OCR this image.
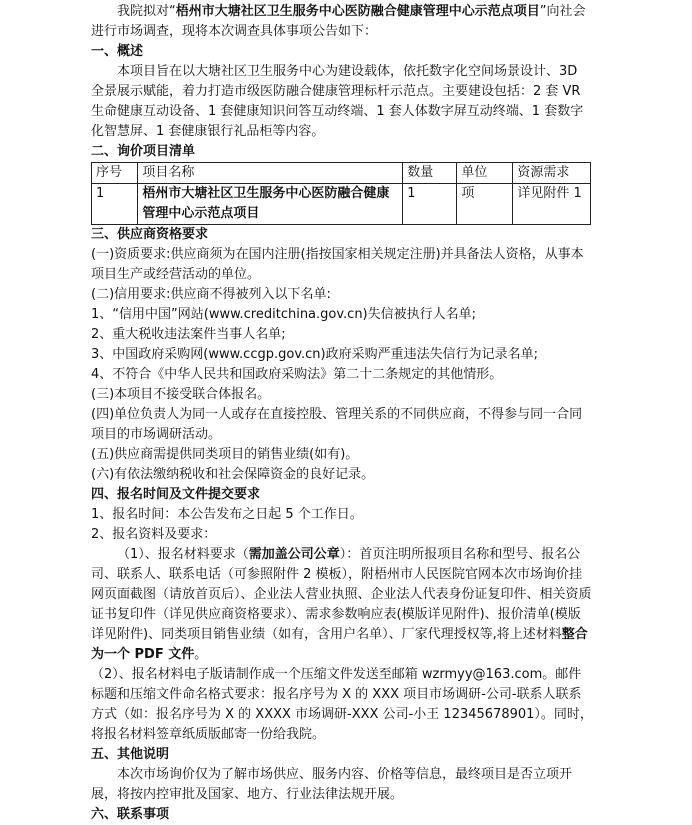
我院拟对“梧州市大塘社区卫生服务中心医防融合健康管理中心示范点项目”向社会进行市场调查，现将本次调查具体事项公告如下：

一、概述

本项目旨在以大塘社区卫生服务中心为建设载体，依托数字化空间场景设计、3D 全景展示赋能，着力打造市级医防融合健康管理标杆示范点。主要建设包括：2 套 VR 生命健康互动设备、1 套健康知识问答互动终端、1 套人体数字屏互动终端、1 套数字化智慧屏、1 套健康银行礼品柜等内容。

二、询价项目清单

序号	项目名称	数量	单位	资源需求
1	梧州市大塘社区卫生服务中心医防融合健康管理中心示范点项目	1	项	详见附件 1

三、供应商资格要求

(一)资质要求:供应商须为在国内注册(指按国家相关规定注册)并具备法人资格，从事本项目生产或经营活动的单位。

(二)信用要求:供应商不得被列入以下名单:

1、“信用中国”网站(www.creditchina.gov.cn)失信被执行人名单;

2、重大税收违法案件当事人名单;

3、中国政府采购网(www.ccgp.gov.cn)政府采购严重违法失信行为记录名单;

4、不符合《中华人民共和国政府采购法》第二十二条规定的其他情形。

(三)本项目不接受联合体报名。

(四)单位负责人为同一人或存在直接控股、管理关系的不同供应商，不得参与同一合同项目的市场调研活动。

(五)供应商需提供同类项目的销售业绩(如有)。

(六)有依法缴纳税收和社会保障资金的良好记录。

四、报名时间及文件提交要求

1、报名时间：本公告发布之日起 5 个工作日。

2、报名资料及要求：

（1）、报名材料要求（需加盖公司公章）：首页注明所报项目名称和型号、报名公司、联系人、联系电话（可参照附件 2 模板），附梧州市人民医院官网本次市场询价挂网页面截图（请放首页后）、企业法人营业执照、企业法人代表身份证复印件、相关资质证书复印件（详见供应商资格要求）、需求参数响应表(模版详见附件)、报价清单(模版详见附件)、同类项目销售业绩（如有，含用户名单）、厂家代理授权等,将上述材料整合为一个 PDF 文件。

（2）、报名材料电子版请制作成一个压缩文件发送至邮箱 wzrmyy@163.com。邮件标题和压缩文件命名格式要求：报名序号为 X 的 XXX 项目市场调研-公司-联系人联系方式（如：报名序号为 X 的 XXXX 市场调研-XXX 公司-小王 12345678901）。同时，将报名材料签章纸质版邮寄一份给我院。

五、其他说明

本次市场询价仅为了解市场供应、服务内容、价格等信息，最终项目是否立项开展，将按内控审批及国家、地方、行业法律法规开展。

六、联系事项
